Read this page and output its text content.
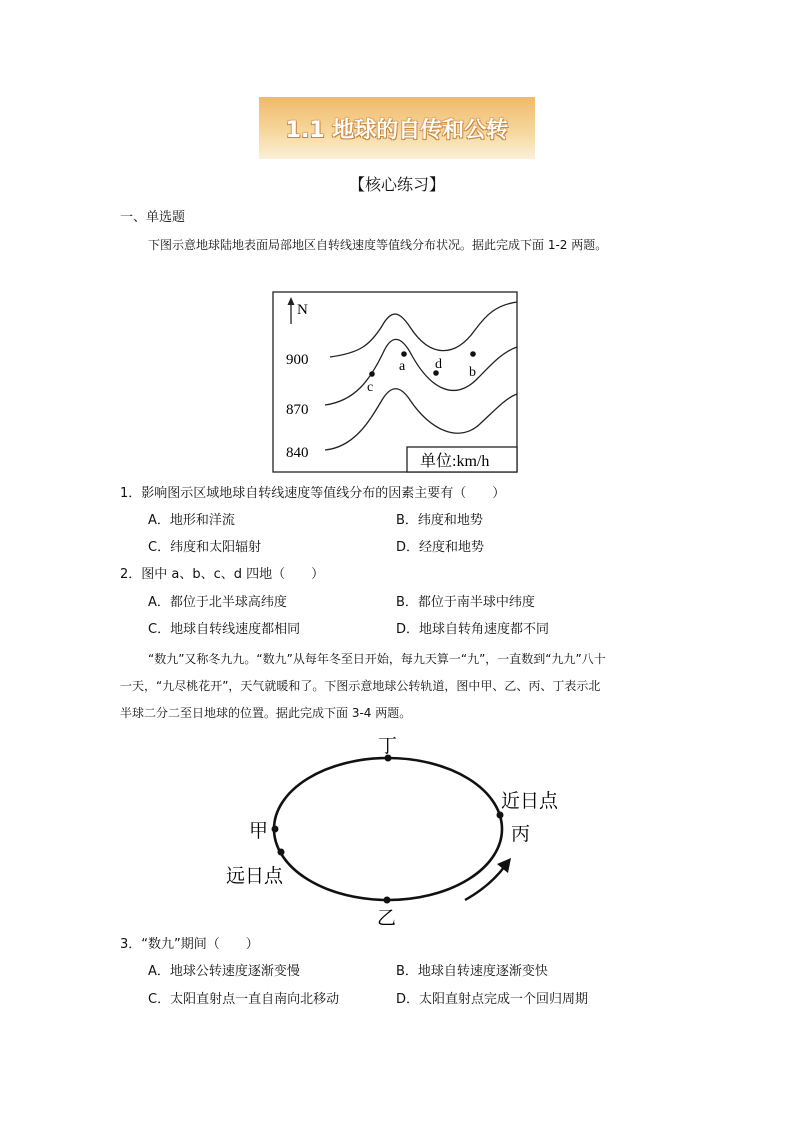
1.1 地球的自传和公转
【核心练习】
一、单选题
下图示意地球陆地表面局部地区自转线速度等值线分布状况。据此完成下面 1-2 两题。
N
900
870
840
a	b
c
d
单位:km/h
1．影响图示区域地球自转线速度等值线分布的因素主要有（　　）
A．地形和洋流	B．纬度和地势
C．纬度和太阳辐射	D．经度和地势
2．图中 a、b、c、d 四地（　　）
A．都位于北半球高纬度	B．都位于南半球中纬度
C．地球自转线速度都相同	D．地球自转角速度都不同
“数九”又称冬九九。“数九”从每年冬至日开始，每九天算一“九”，一直数到“九九”八十
一天，“九尽桃花开”，天气就暖和了。下图示意地球公转轨道，图中甲、乙、丙、丁表示北
半球二分二至日地球的位置。据此完成下面 3-4 两题。
丁
甲	丙
乙
近日点
远日点
3．“数九”期间（　　）
A．地球公转速度逐渐变慢	B．地球自转速度逐渐变快
C．太阳直射点一直自南向北移动	D．太阳直射点完成一个回归周期
